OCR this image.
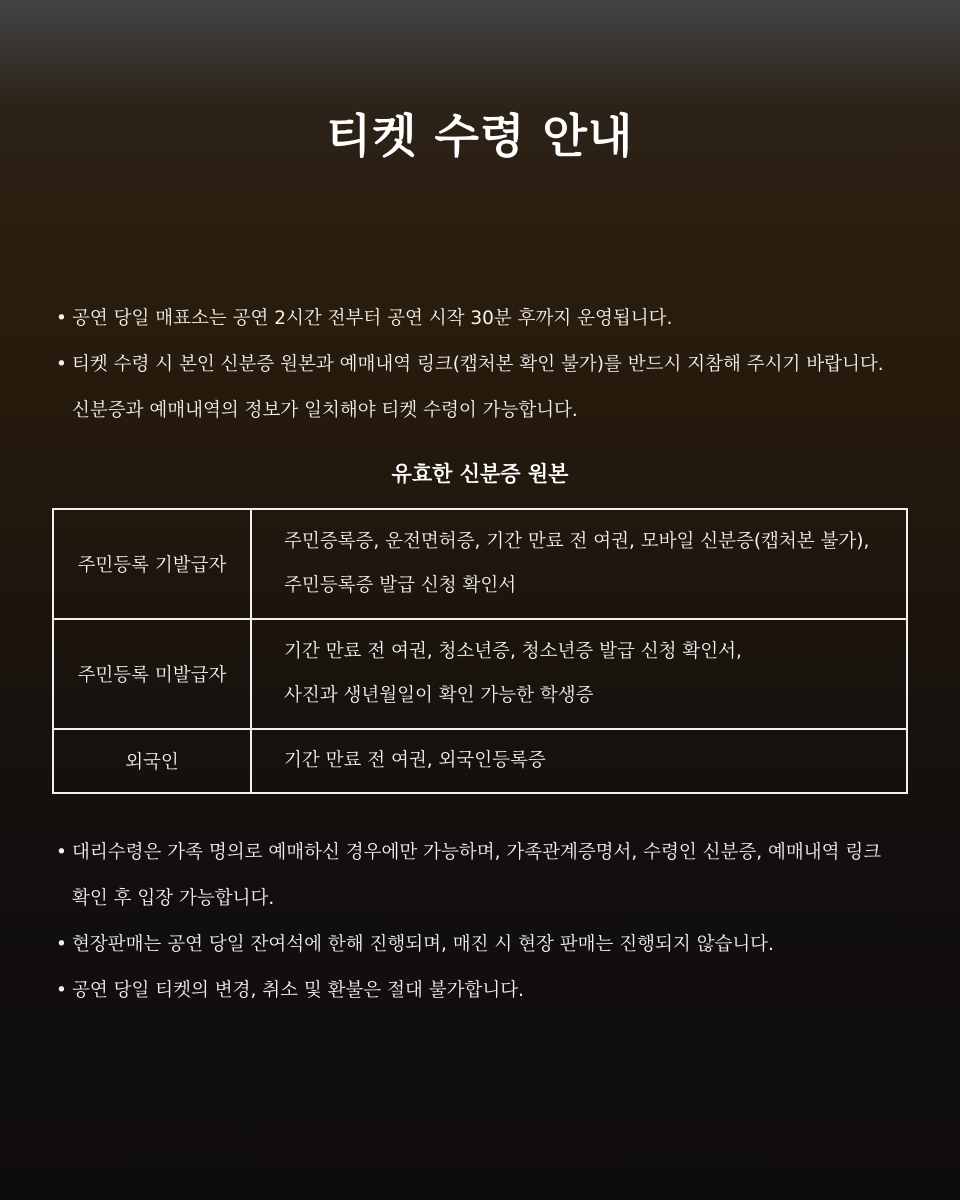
티켓 수령 안내
• 공연 당일 매표소는 공연 2시간 전부터 공연 시작 30분 후까지 운영됩니다.
• 티켓 수령 시 본인 신분증 원본과 예매내역 링크(캡처본 확인 불가)를 반드시 지참해 주시기 바랍니다.
신분증과 예매내역의 정보가 일치해야 티켓 수령이 가능합니다.
유효한 신분증 원본
주민등록 기발급자	주민증록증, 운전면허증, 기간 만료 전 여권, 모바일 신분증(캡처본 불가),
주민등록증 발급 신청 확인서

주민등록 미발급자	기간 만료 전 여권, 청소년증, 청소년증 발급 신청 확인서,
사진과 생년월일이 확인 가능한 학생증

외국인	기간 만료 전 여권, 외국인등록증
• 대리수령은 가족 명의로 예매하신 경우에만 가능하며, 가족관계증명서, 수령인 신분증, 예매내역 링크
확인 후 입장 가능합니다.
• 현장판매는 공연 당일 잔여석에 한해 진행되며, 매진 시 현장 판매는 진행되지 않습니다.
• 공연 당일 티켓의 변경, 취소 및 환불은 절대 불가합니다.
